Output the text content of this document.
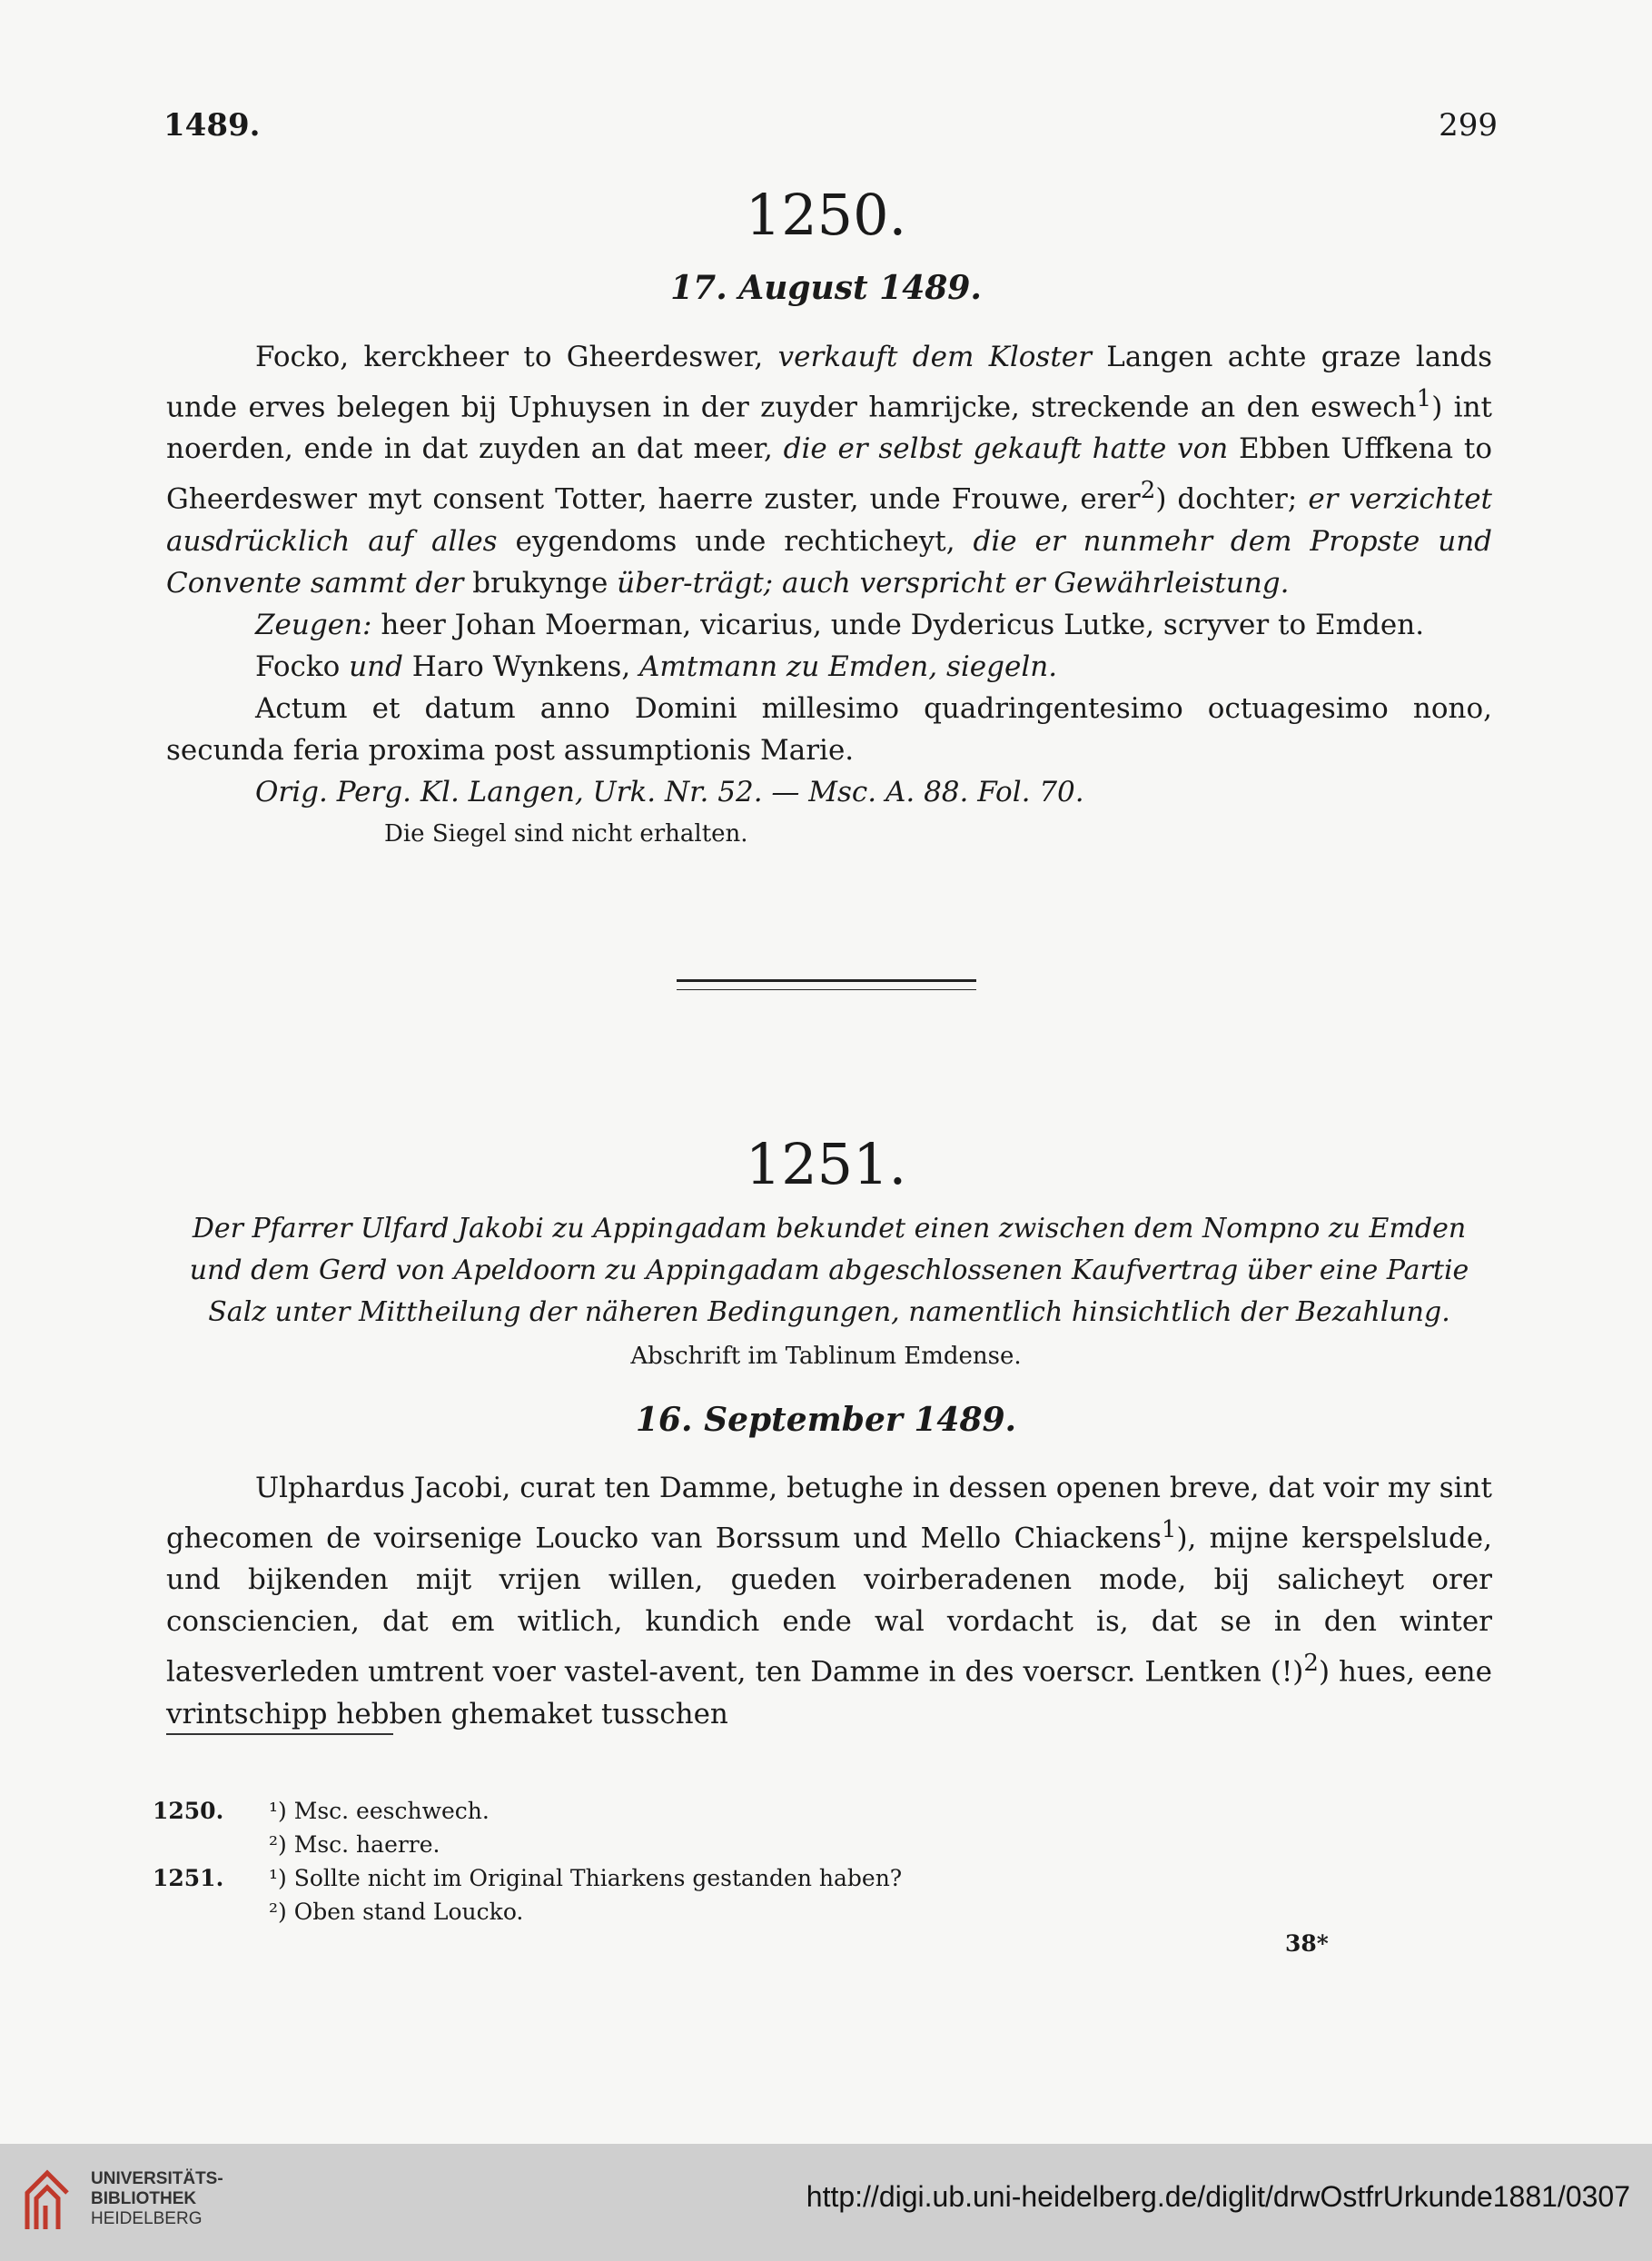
1489.	299
1250.
17. August 1489.

Focko, kerckheer to Gheerdeswer, verkauft dem Kloster Langen achte graze lands unde erves belegen bij Uphuysen in der zuyder hamrijcke, streckende an den eswech$^1$) int noerden, ende in dat zuyden an dat meer, die er selbst gekauft hatte von Ebben Uffkena to Gheerdeswer myt consent Totter, haerre zuster, unde Frouwe, erer$^2$) dochter; er verzichtet ausdrücklich auf alles eygendoms unde rechticheyt, die er nunmehr dem Propste und Convente sammt der brukynge über-trägt; auch verspricht er Gewährleistung.

Zeugen: heer Johan Moerman, vicarius, unde Dydericus Lutke, scryver to Emden.

Focko und Haro Wynkens, Amtmann zu Emden, siegeln.

Actum et datum anno Domini millesimo quadringentesimo octuagesimo nono, secunda feria proxima post assumptionis Marie.

Orig. Perg. Kl. Langen, Urk. Nr. 52. — Msc. A. 88. Fol. 70.

Die Siegel sind nicht erhalten.

1251.
Der Pfarrer Ulfard Jakobi zu Appingadam bekundet einen zwischen dem Nompno zu Emden und dem Gerd von Apeldoorn zu Appingadam abgeschlossenen Kaufvertrag über eine Partie Salz unter Mittheilung der näheren Bedingungen, namentlich hinsichtlich der Bezahlung.
Abschrift im Tablinum Emdense.
16. September 1489.

Ulphardus Jacobi, curat ten Damme, betughe in dessen openen breve, dat voir my sint ghecomen de voirsenige Loucko van Borssum und Mello Chiackens$^1$), mijne kerspelslude, und bijkenden mijt vrijen willen, gueden voirberadenen mode, bij salicheyt orer consciencien, dat em witlich, kundich ende wal vordacht is, dat se in den winter latesverleden umtrent voer vastel-avent, ten Damme in des voerscr. Lentken (!)$^2$) hues, eene vrintschipp hebben ghemaket tusschen

1250. ¹) Msc. eeschwech.
²) Msc. haerre.
1251. ¹) Sollte nicht im Original Thiarkens gestanden haben?
²) Oben stand Loucko.
38*
UNIVERSITÄTS-
BIBLIOTHEK
HEIDELBERG
http://digi.ub.uni-heidelberg.de/diglit/drwOstfrUrkunde1881/0307
